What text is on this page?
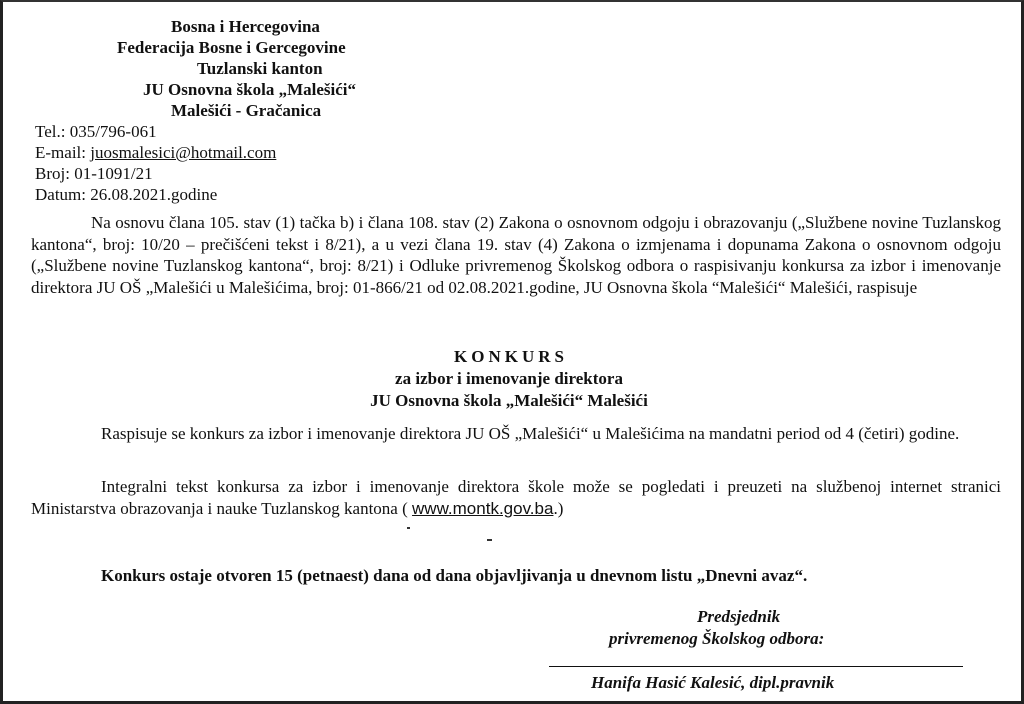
Bosna i Hercegovina
Federacija Bosne i Gercegovine
Tuzlanski kanton
JU Osnovna škola „Malešići“
Malešići - Gračanica
Tel.: 035/796-061
E-mail: juosmalesici@hotmail.com
Broj: 01-1091/21
Datum: 26.08.2021.godine
Na osnovu člana 105. stav (1) tačka b) i člana 108. stav (2) Zakona o osnovnom odgoju i obrazovanju („Službene novine Tuzlanskog kantona“, broj: 10/20 – prečišćeni tekst i 8/21), a u vezi člana 19. stav (4) Zakona o izmjenama i dopunama Zakona o osnovnom odgoju („Službene novine Tuzlanskog kantona“, broj: 8/21) i Odluke privremenog Školskog odbora o raspisivanju konkursa za izbor i imenovanje direktora JU OŠ „Malešići u Malešićima, broj: 01-866/21 od 02.08.2021.godine, JU Osnovna škola “Malešići“ Malešići, raspisuje
KONKURS
za izbor i imenovanje direktora
JU Osnovna škola „Malešići“ Malešići
Raspisuje se konkurs za izbor i imenovanje direktora JU OŠ „Malešići“ u Malešićima na mandatni period od 4 (četiri) godine.
Integralni tekst konkursa za izbor i imenovanje direktora škole može se pogledati i preuzeti na službenoj internet stranici Ministarstva obrazovanja i nauke Tuzlanskog kantona ( www.montk.gov.ba.)
Konkurs ostaje otvoren 15 (petnaest) dana od dana objavljivanja u dnevnom listu „Dnevni avaz“.
Predsjednik
privremenog Školskog odbora:
Hanifa Hasić Kalesić, dipl.pravnik
